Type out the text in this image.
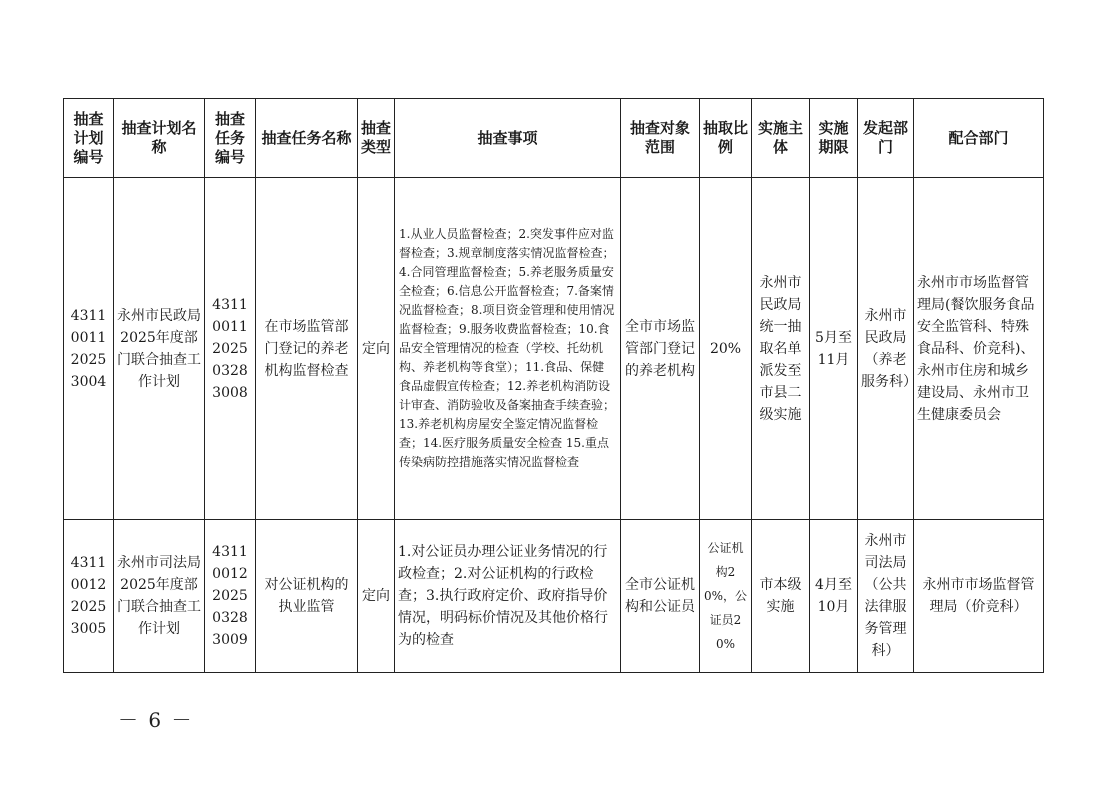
抽查计划编号	抽查计划名称	抽查任务编号	抽查任务名称	抽查类型	抽查事项	抽查对象范围	抽取比例	实施主体	实施期限	发起部门	配合部门
4311001120253004	永州市民政局2025年度部门联合抽查工作计划	4311001120250328300​8	在市场监管部门登记的养老机构监督检查	定向	1.从业人员监督检查；2.突发事件应对监督检查；3.规章制度落实情况监督检查；4.合同管理监督检查；5.养老服务质量安全检查；6.信息公开监督检查；7.备案情况监督检查；8.项目资金管理和使用情况监督检查；9.服务收费监督检查；10.食品安全管理情况的检查（学校、托幼机构、养老机构等食堂）；11.食品、保健食品虚假宣传检查；12.养老机构消防设计审查、消防验收及备案抽查手续查验；13.养老机构房屋安全鉴定情况监督检查；14.医疗服务质量安全检查 15.重点传染病防控措施落实情况监督检查	全市市场监管部门登记的养老机构	20%	永州市民政局统一抽取名单派发至市县二级实施	5月至11月	永州市民政局（养老服务科）	永州市市场监督管理局(餐饮服务食品安全监管科、特殊食品科、价竞科)、永州市住房和城乡建设局、永州市卫生健康委员会
4311001220253005	永州市司法局2025年度部门联合抽查工作计划	4311001220250328300​9	对公证机构的执业监管	定向	1.对公证员办理公证业务情况的行政检查；2.对公证机构的行政检查；3.执行政府定价、政府指导价情况，明码标价情况及其他价格行为的检查	全市公证机构和公证员	公证机构20%，公证员20%	市本级实施	4月至10月	永州市司法局（公共法律服务管理科）	永州市市场监督管理局（价竞科）
－ 6 －
